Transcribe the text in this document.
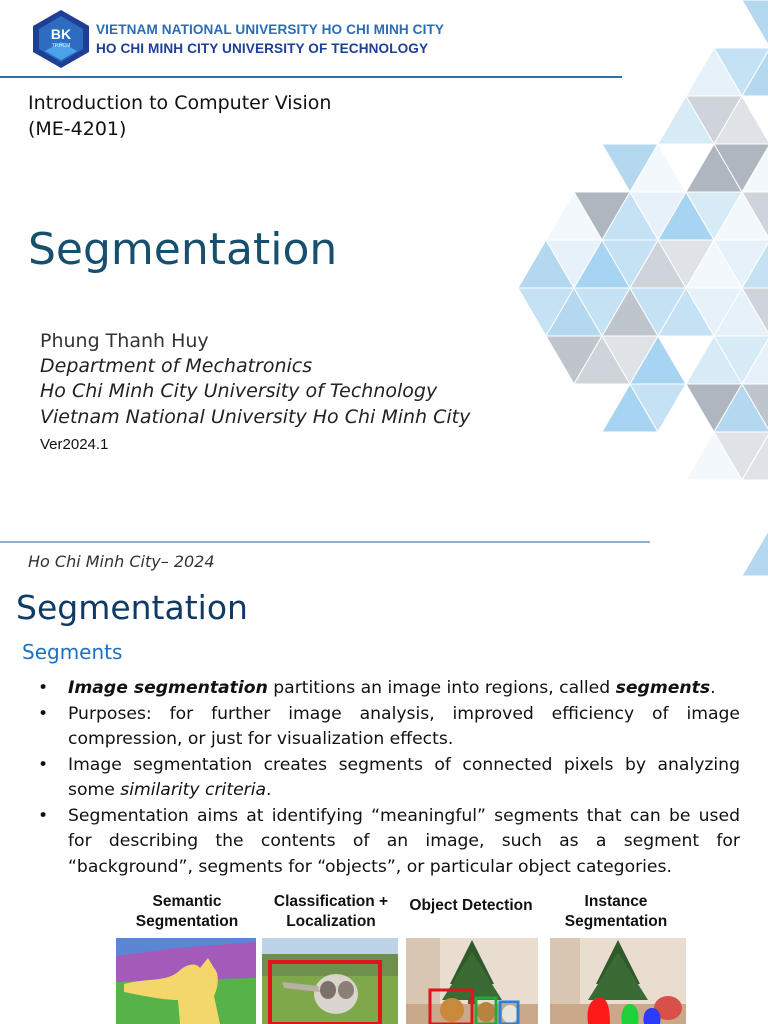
BK
TP.HCM
VIETNAM NATIONAL UNIVERSITY HO CHI MINH CITY
HO CHI MINH CITY UNIVERSITY OF TECHNOLOGY
Introduction to Computer Vision
(ME-4201)
Segmentation
Phung Thanh Huy
Department of Mechatronics
Ho Chi Minh City University of Technology
Vietnam National University Ho Chi Minh City
Ver2024.1
Ho Chi Minh City– 2024
Segmentation
Segments
• Image segmentation partitions an image into regions, called segments.
• Purposes: for further image analysis, improved efficiency of image compression, or just for visualization effects.
• Image segmentation creates segments of connected pixels by analyzing some similarity criteria.
• Segmentation aims at identifying “meaningful” segments that can be used for describing the contents of an image, such as a segment for “background”, segments for “objects”, or particular object categories.
Semantic Segmentation
Classification + Localization
Object Detection	Instance Segmentation
